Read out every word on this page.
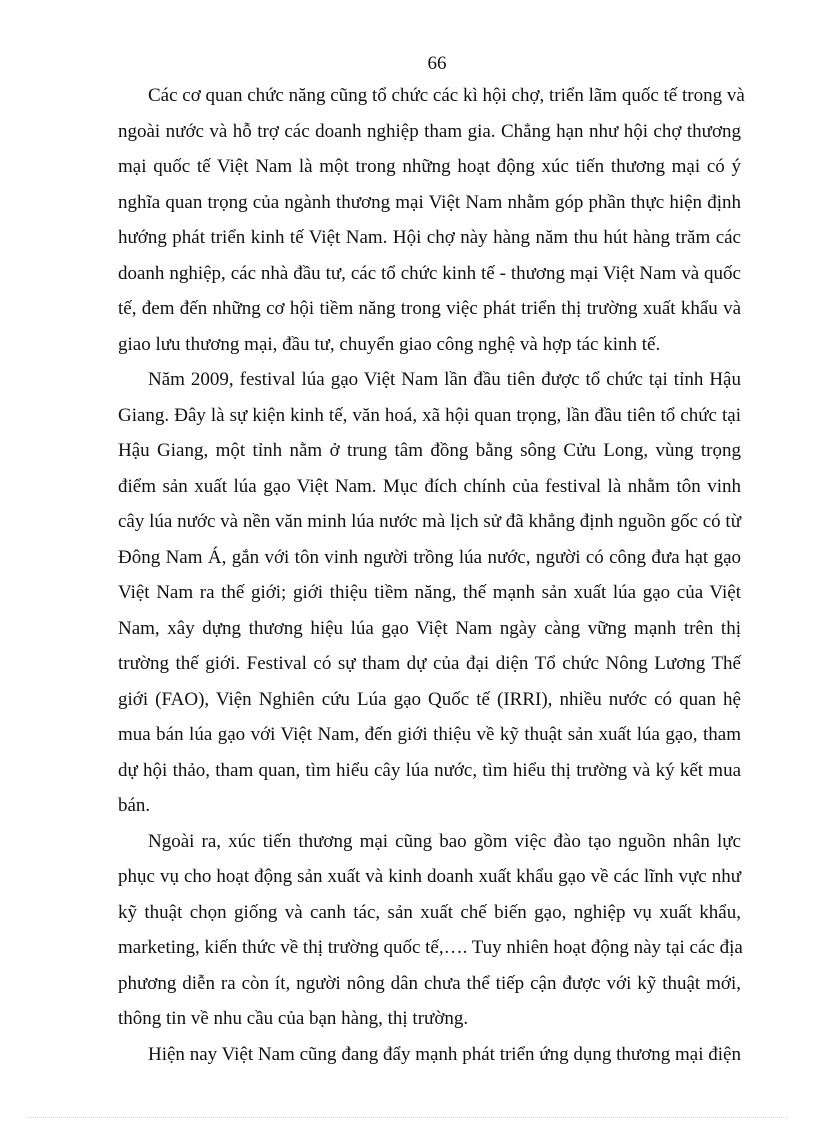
66
Các cơ quan chức năng cũng tổ chức các kì hội chợ, triển lãm quốc tế trong và
ngoài nước và hỗ trợ các doanh nghiệp tham gia. Chẳng hạn như hội chợ thương
mại quốc tế Việt Nam là một trong những hoạt động xúc tiến thương mại có ý
nghĩa quan trọng của ngành thương mại Việt Nam nhằm góp phần thực hiện định
hướng phát triển kinh tế Việt Nam. Hội chợ này hàng năm thu hút hàng trăm các
doanh nghiệp, các nhà đầu tư, các tổ chức kinh tế - thương mại Việt Nam và quốc
tế, đem đến những cơ hội tiềm năng trong việc phát triển thị trường xuất khẩu và
giao lưu thương mại, đầu tư, chuyển giao công nghệ và hợp tác kinh tế.
Năm 2009, festival lúa gạo Việt Nam lần đầu tiên được tổ chức tại tỉnh Hậu
Giang. Đây là sự kiện kinh tế, văn hoá, xã hội quan trọng, lần đầu tiên tổ chức tại
Hậu Giang, một tỉnh nằm ở trung tâm đồng bằng sông Cửu Long, vùng trọng
điểm sản xuất lúa gạo Việt Nam. Mục đích chính của festival là nhằm tôn vinh
cây lúa nước và nền văn minh lúa nước mà lịch sử đã khẳng định nguồn gốc có từ
Đông Nam Á, gắn với tôn vinh người trồng lúa nước, người có công đưa hạt gạo
Việt Nam ra thế giới; giới thiệu tiềm năng, thế mạnh sản xuất lúa gạo của Việt
Nam, xây dựng thương hiệu lúa gạo Việt Nam ngày càng vững mạnh trên thị
trường thế giới. Festival có sự tham dự của đại diện Tổ chức Nông Lương Thế
giới (FAO), Viện Nghiên cứu Lúa gạo Quốc tế (IRRI), nhiều nước có quan hệ
mua bán lúa gạo với Việt Nam, đến giới thiệu về kỹ thuật sản xuất lúa gạo, tham
dự hội thảo, tham quan, tìm hiểu cây lúa nước, tìm hiểu thị trường và ký kết mua
bán.
Ngoài ra, xúc tiến thương mại cũng bao gồm việc đào tạo nguồn nhân lực
phục vụ cho hoạt động sản xuất và kinh doanh xuất khẩu gạo về các lĩnh vực như
kỹ thuật chọn giống và canh tác, sản xuất chế biến gạo, nghiệp vụ xuất khẩu,
marketing, kiến thức về thị trường quốc tế,…. Tuy nhiên hoạt động này tại các địa
phương diễn ra còn ít, người nông dân chưa thể tiếp cận được với kỹ thuật mới,
thông tin về nhu cầu của bạn hàng, thị trường.
Hiện nay Việt Nam cũng đang đẩy mạnh phát triển ứng dụng thương mại điện
